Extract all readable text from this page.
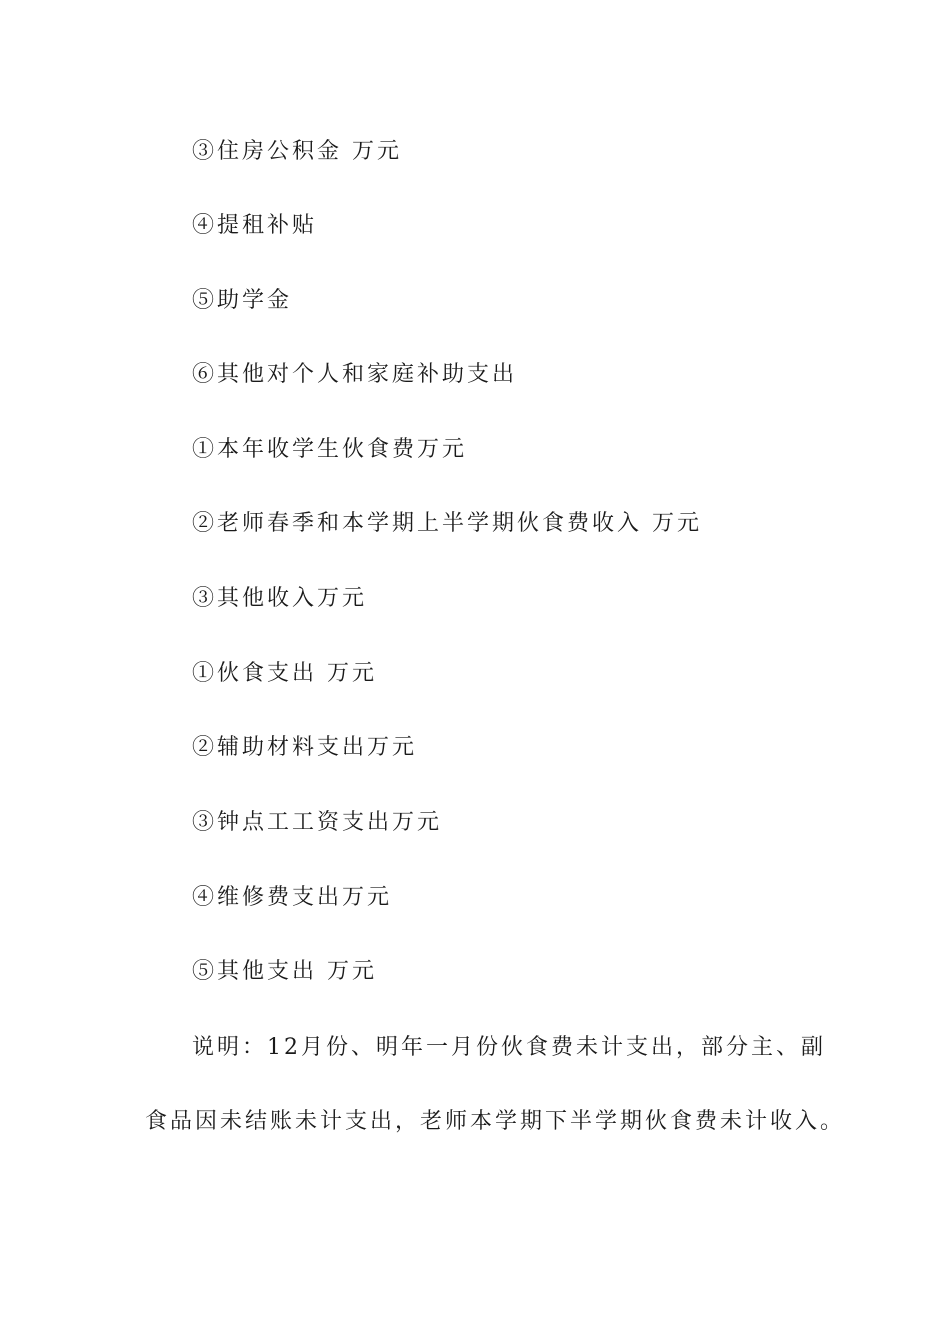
③住房公积金 万元
④提租补贴
⑤助学金
⑥其他对个人和家庭补助支出
①本年收学生伙食费万元
②老师春季和本学期上半学期伙食费收入 万元
③其他收入万元
①伙食支出 万元
②辅助材料支出万元
③钟点工工资支出万元
④维修费支出万元
⑤其他支出 万元
说明：12月份、明年一月份伙食费未计支出，部分主、副
食品因未结账未计支出，老师本学期下半学期伙食费未计收入。
